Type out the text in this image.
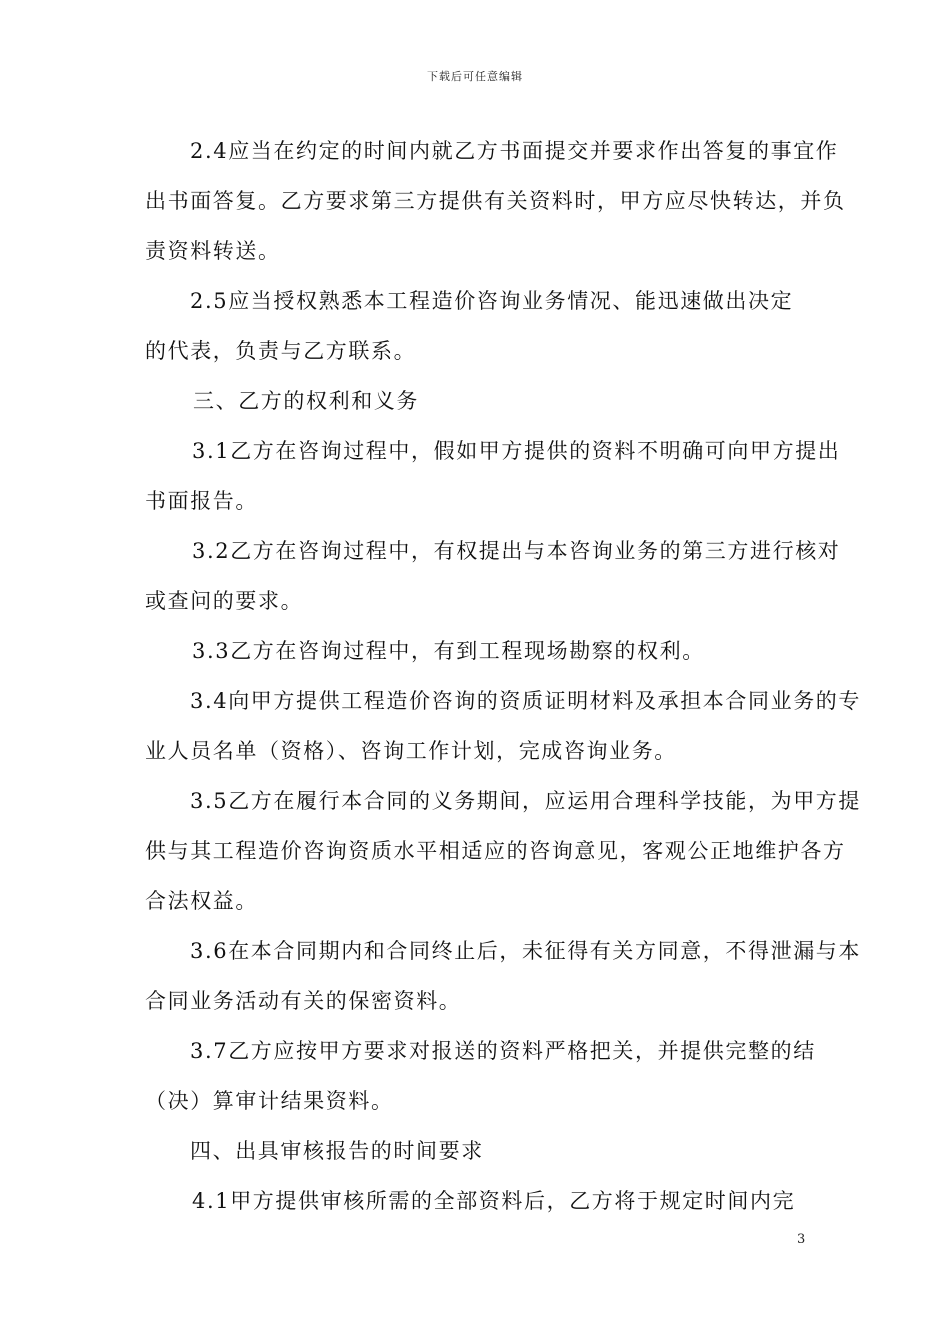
下载后可任意编辑
2.4应当在约定的时间内就乙方书面提交并要求作出答复的事宜作
出书面答复。乙方要求第三方提供有关资料时，甲方应尽快转达，并负
责资料转送。
2.5应当授权熟悉本工程造价咨询业务情况、能迅速做出决定
的代表，负责与乙方联系。
三、乙方的权利和义务
3.1乙方在咨询过程中，假如甲方提供的资料不明确可向甲方提出
书面报告。
3.2乙方在咨询过程中，有权提出与本咨询业务的第三方进行核对
或查问的要求。
3.3乙方在咨询过程中，有到工程现场勘察的权利。
3.4向甲方提供工程造价咨询的资质证明材料及承担本合同业务的专
业人员名单（资格）、咨询工作计划，完成咨询业务。
3.5乙方在履行本合同的义务期间，应运用合理科学技能，为甲方提
供与其工程造价咨询资质水平相适应的咨询意见，客观公正地维护各方
合法权益。
3.6在本合同期内和合同终止后，未征得有关方同意，不得泄漏与本
合同业务活动有关的保密资料。
3.7乙方应按甲方要求对报送的资料严格把关，并提供完整的结
（决）算审计结果资料。
四、出具审核报告的时间要求
4.1甲方提供审核所需的全部资料后，乙方将于规定时间内完
3
